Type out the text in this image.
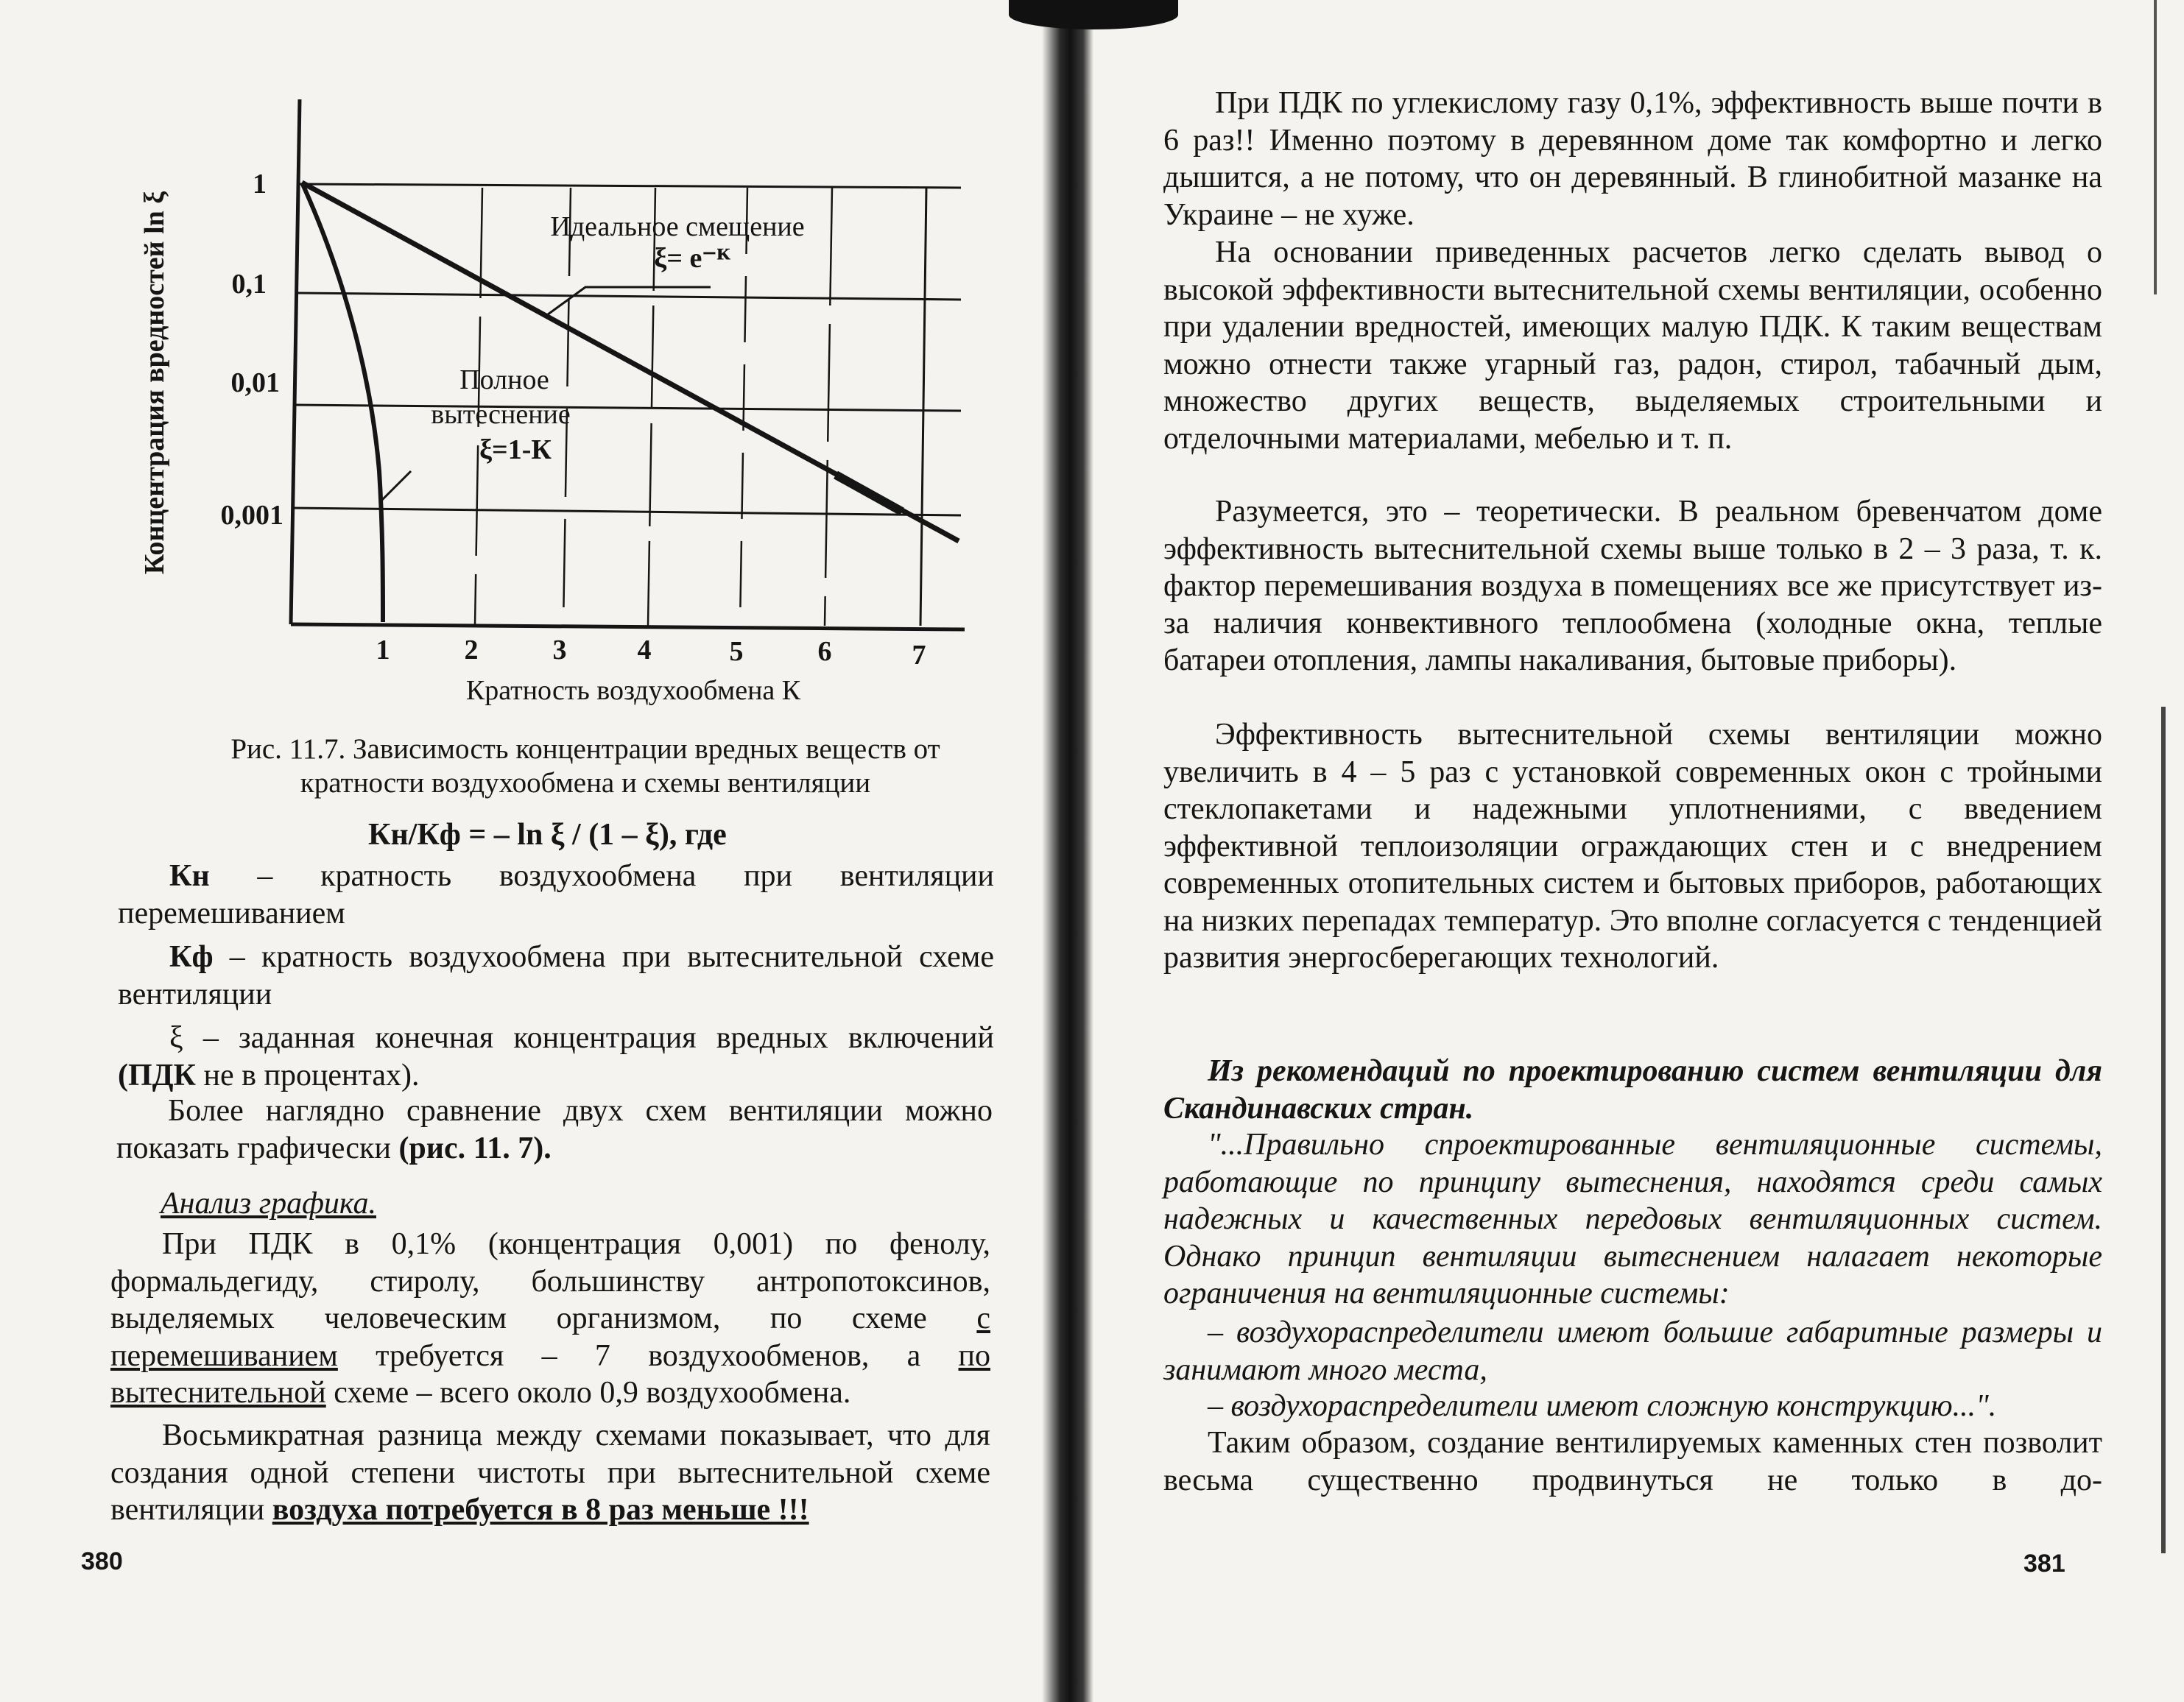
Концентрация вредностей ln ξ
1
0,1
0,01
0,001
1	2	3	4	5	6	7
Кратность воздухообмена К
Идеальное смещение
ξ= e⁻ᴷ
Полное
вытеснение
ξ=1-К

Рис. 11.7. Зависимость концентрации вредных веществ от кратности воздухообмена и схемы вентиляции

Кн/Кф = – ln ξ / (1 – ξ), где

Кн – кратность воздухообмена при вентиляции перемешиванием

Кф – кратность воздухообмена при вытеснительной схеме вентиляции

ξ – заданная конечная концентрация вредных включений (ПДК не в процентах).

Более наглядно сравнение двух схем вентиляции можно показать графически (рис. 11. 7).

Анализ графика.

При ПДК в 0,1% (концентрация 0,001) по фенолу, формальдегиду, стиролу, большинству антропотоксинов, выделяемых человеческим организмом, по схеме с перемешиванием требуется – 7 воздухообменов, а по вытеснительной схеме – всего около 0,9 воздухообмена.

Восьмикратная разница между схемами показывает, что для создания одной степени чистоты при вытеснительной схеме вентиляции воздуха потребуется в 8 раз меньше !!!

380

При ПДК по углекислому газу 0,1%, эффективность выше почти в 6 раз!! Именно поэтому в деревянном доме так комфортно и легко дышится, а не потому, что он деревянный. В глинобитной мазанке на Украине – не хуже.

На основании приведенных расчетов легко сделать вывод о высокой эффективности вытеснительной схемы вентиляции, особенно при удалении вредностей, имеющих малую ПДК. К таким веществам можно отнести также угарный газ, радон, стирол, табачный дым, множество других веществ, выделяемых строительными и отделочными материалами, мебелью и т. п.

Разумеется, это – теоретически. В реальном бревенчатом доме эффективность вытеснительной схемы выше только в 2 – 3 раза, т. к. фактор перемешивания воздуха в помещениях все же присутствует из-за наличия конвективного теплообмена (холодные окна, теплые батареи отопления, лампы накаливания, бытовые приборы).

Эффективность вытеснительной схемы вентиляции можно увеличить в 4 – 5 раз с установкой современных окон с тройными стеклопакетами и надежными уплотнениями, с введением эффективной теплоизоляции ограждающих стен и с внедрением современных отопительных систем и бытовых приборов, работающих на низких перепадах температур. Это вполне согласуется с тенденцией развития энергосберегающих технологий.

Из рекомендаций по проектированию систем вентиляции для Скандинавских стран.

"...Правильно спроектированные вентиляционные системы, работающие по принципу вытеснения, находятся среди самых надежных и качественных передовых вентиляционных систем. Однако принцип вентиляции вытеснением налагает некоторые ограничения на вентиляционные системы:

– воздухораспределители имеют большие габаритные размеры и занимают много места,

– воздухораспределители имеют сложную конструкцию...".

Таким образом, создание вентилируемых каменных стен позволит весьма существенно продвинуться не только в до-

381
